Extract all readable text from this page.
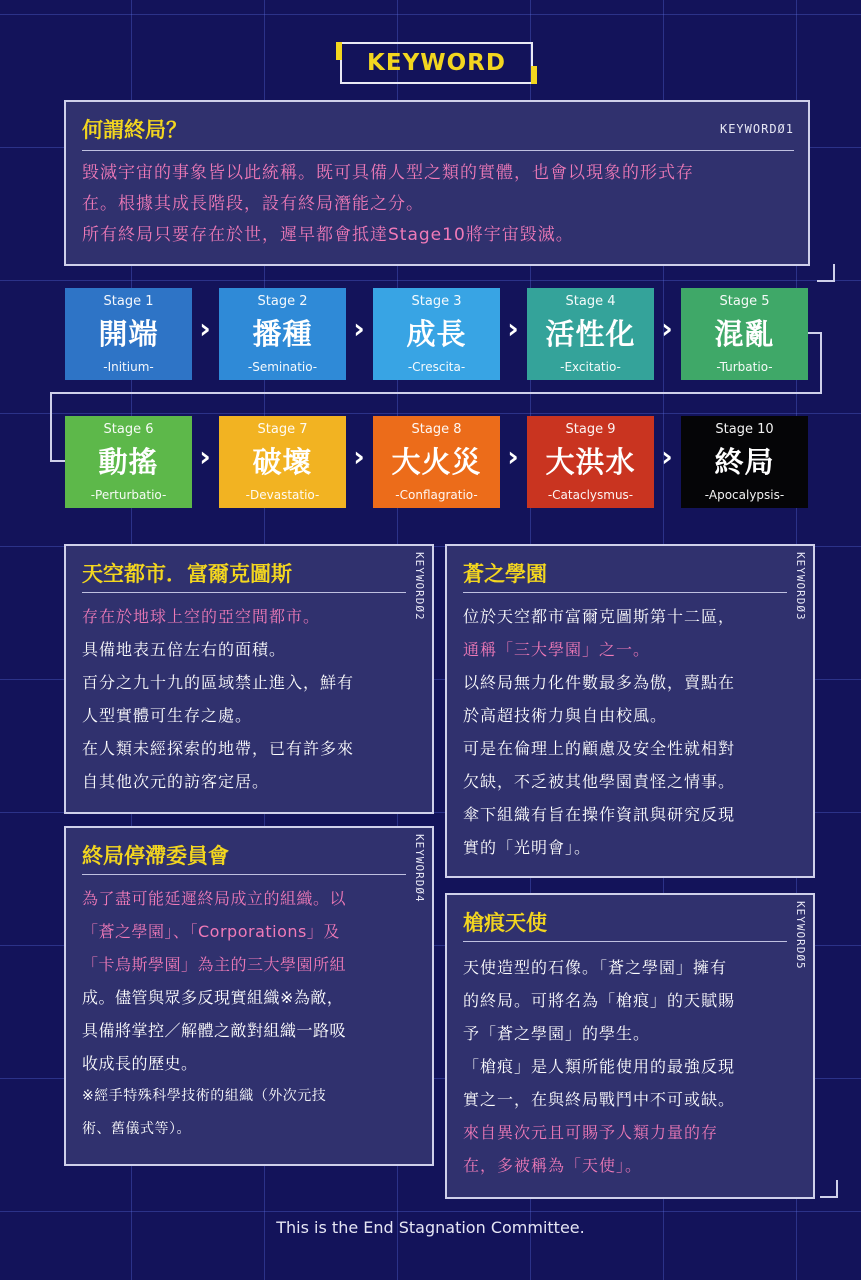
KEYWORD
何謂終局？	KEYWORDØ1
毀滅宇宙的事象皆以此統稱。既可具備人型之類的實體，也會以現象的形式存
在。根據其成長階段，設有終局潛能之分。
所有終局只要存在於世，遲早都會抵達Stage10將宇宙毀滅。
Stage 1
開端
-Initium-
›
Stage 2
播種
-Seminatio-
›
Stage 3
成長
-Crescita-
›
Stage 4
活性化
-Excitatio-
›
Stage 5
混亂
-Turbatio-
Stage 6
動搖
-Perturbatio-
›
Stage 7
破壞
-Devastatio-
›
Stage 8
大火災
-Conflagratio-
›
Stage 9
大洪水
-Cataclysmus-
›
Stage 10
終局
-Apocalypsis-
天空都市．富爾克圖斯	KEYWORDØ2
存在於地球上空的亞空間都市。
具備地表五倍左右的面積。
百分之九十九的區域禁止進入，鮮有
人型實體可生存之處。
在人類未經探索的地帶，已有許多來
自其他次元的訪客定居。
蒼之學園	KEYWORDØ3
位於天空都市富爾克圖斯第十二區，
通稱「三大學園」之一。
以終局無力化件數最多為傲，賣點在
於高超技術力與自由校風。
可是在倫理上的顧慮及安全性就相對
欠缺，不乏被其他學園責怪之情事。
傘下組織有旨在操作資訊與研究反現
實的「光明會」。
終局停滯委員會	KEYWORDØ4
為了盡可能延遲終局成立的組織。以
「蒼之學園」、「Corporations」及
「卡烏斯學園」為主的三大學園所組
成。儘管與眾多反現實組織※為敵，
具備將掌控／解體之敵對組織一路吸
收成長的歷史。
※經手特殊科學技術的組織（外次元技
術、舊儀式等）。
槍痕天使	KEYWORDØ5
天使造型的石像。「蒼之學園」擁有
的終局。可將名為「槍痕」的天賦賜
予「蒼之學園」的學生。
「槍痕」是人類所能使用的最強反現
實之一，在與終局戰鬥中不可或缺。
來自異次元且可賜予人類力量的存
在，多被稱為「天使」。
This is the End Stagnation Committee.
